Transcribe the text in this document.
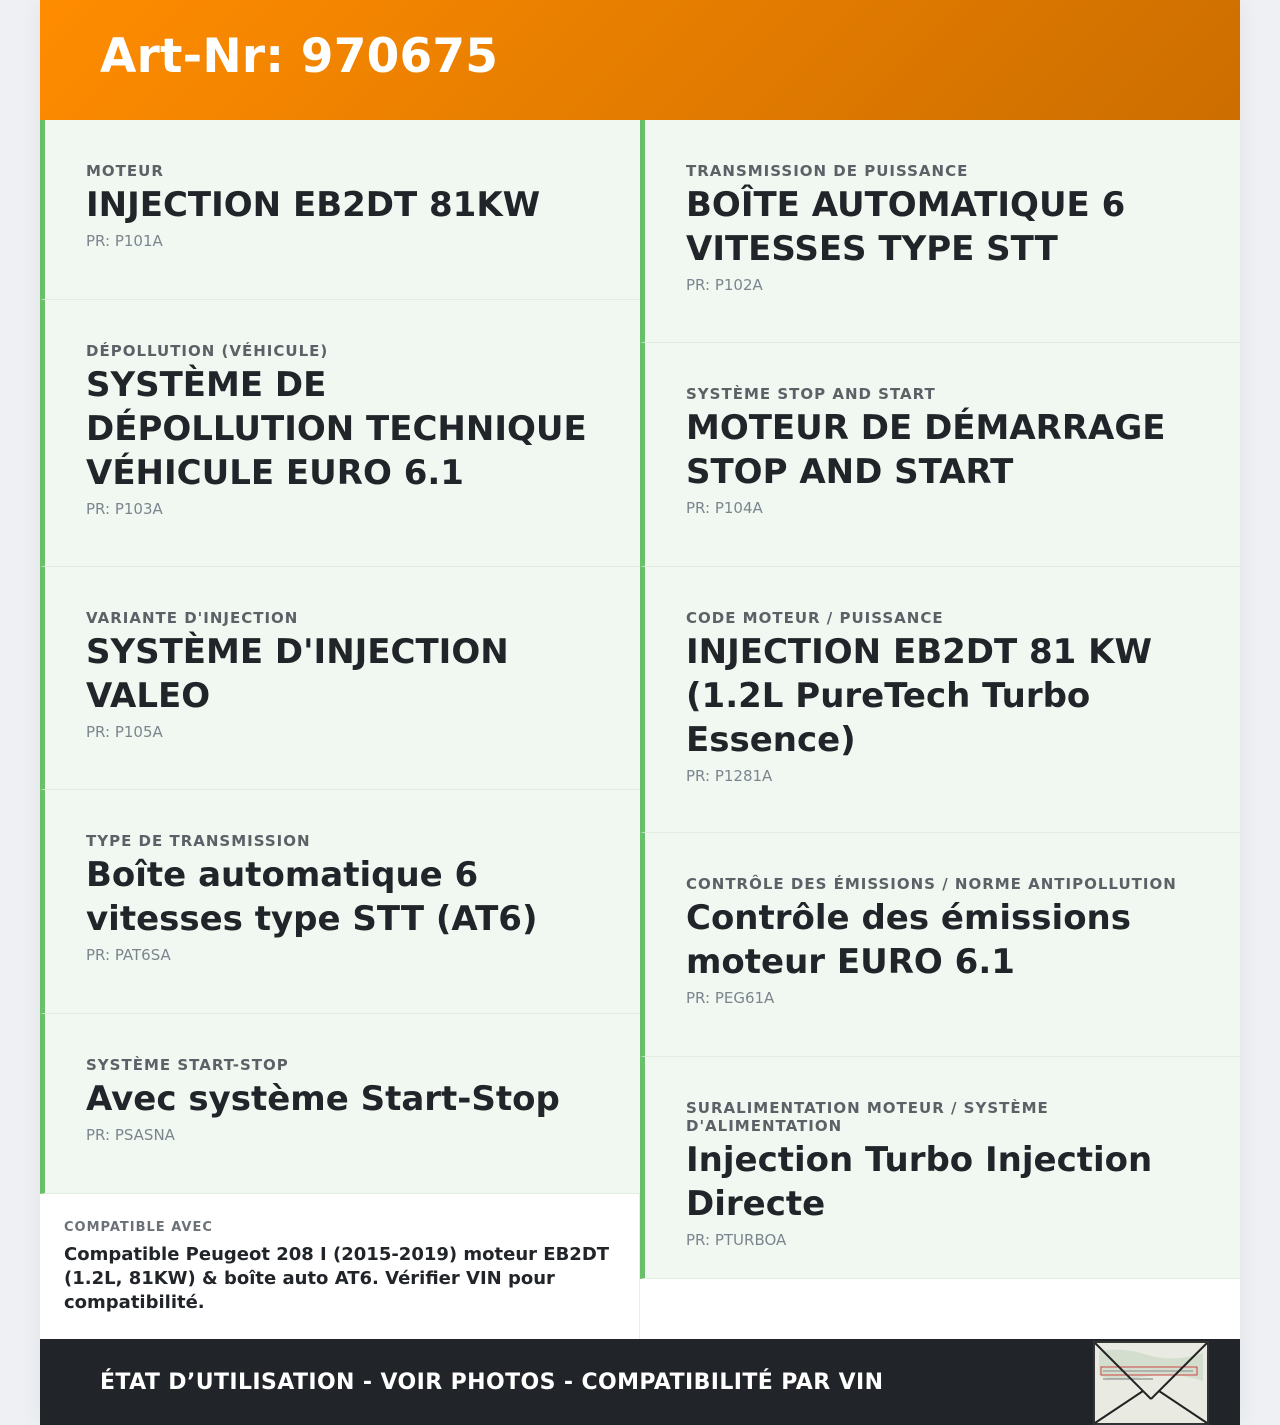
Art-Nr: 970675
MOTEUR
INJECTION EB2DT 81KW
PR: P101A
DÉPOLLUTION (VÉHICULE)
SYSTÈME DE DÉPOLLUTION TECHNIQUE VÉHICULE EURO 6.1
PR: P103A
VARIANTE D'INJECTION
SYSTÈME D'INJECTION VALEO
PR: P105A
TYPE DE TRANSMISSION
Boîte automatique 6 vitesses type STT (AT6)
PR: PAT6SA
SYSTÈME START-STOP
Avec système Start-Stop
PR: PSASNA
COMPATIBLE AVEC
Compatible Peugeot 208 I (2015-2019) moteur EB2DT (1.2L, 81KW) & boîte auto AT6. Vérifier VIN pour compatibilité.
TRANSMISSION DE PUISSANCE
BOÎTE AUTOMATIQUE 6 VITESSES TYPE STT
PR: P102A
SYSTÈME STOP AND START
MOTEUR DE DÉMARRAGE STOP AND START
PR: P104A
CODE MOTEUR / PUISSANCE
INJECTION EB2DT 81 KW (1.2L PureTech Turbo Essence)
PR: P1281A
CONTRÔLE DES ÉMISSIONS / NORME ANTIPOLLUTION
Contrôle des émissions moteur EURO 6.1
PR: PEG61A
SURALIMENTATION MOTEUR / SYSTÈME D'ALIMENTATION
Injection Turbo Injection Directe
PR: PTURBOA
ÉTAT D’UTILISATION - VOIR PHOTOS - COMPATIBILITÉ PAR VIN
